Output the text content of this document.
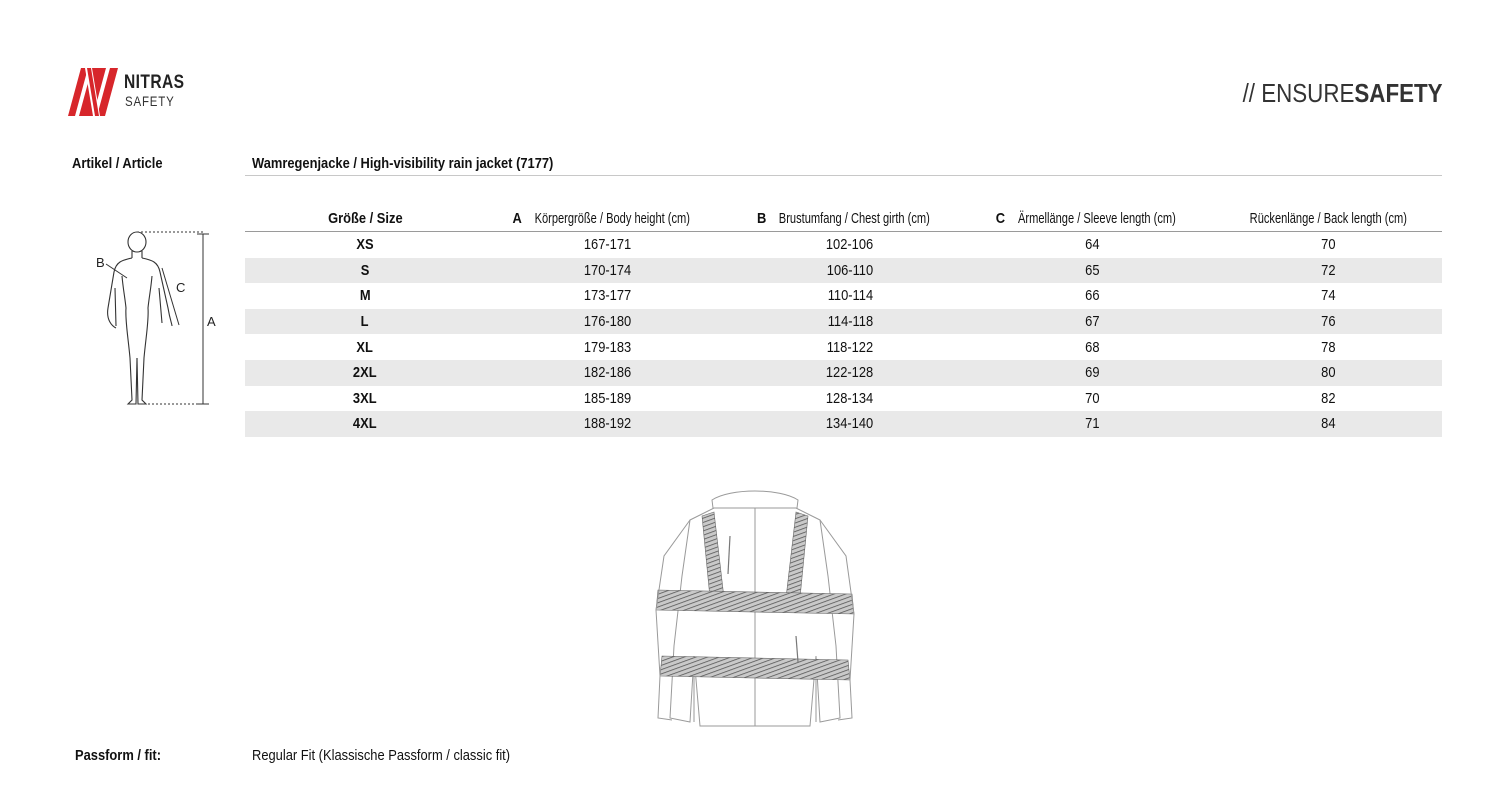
NITRAS
SAFETY	// ENSURESAFETY
Artikel / Article	Wamregenjacke / High-visibility rain jacket (7177)
A
B
C
Größe / Size	AKörpergröße / Body height (cm)	BBrustumfang / Chest girth (cm)	CÄrmellänge / Sleeve length (cm)	Rückenlänge / Back length (cm)
XS	167-171	102-106	64	70
S	170-174	106-110	65	72
M	173-177	110-114	66	74
L	176-180	114-118	67	76
XL	179-183	118-122	68	78
2XL	182-186	122-128	69	80
3XL	185-189	128-134	70	82
4XL	188-192	134-140	71	84
Passform / fit:	Regular Fit (Klassische Passform / classic fit)
